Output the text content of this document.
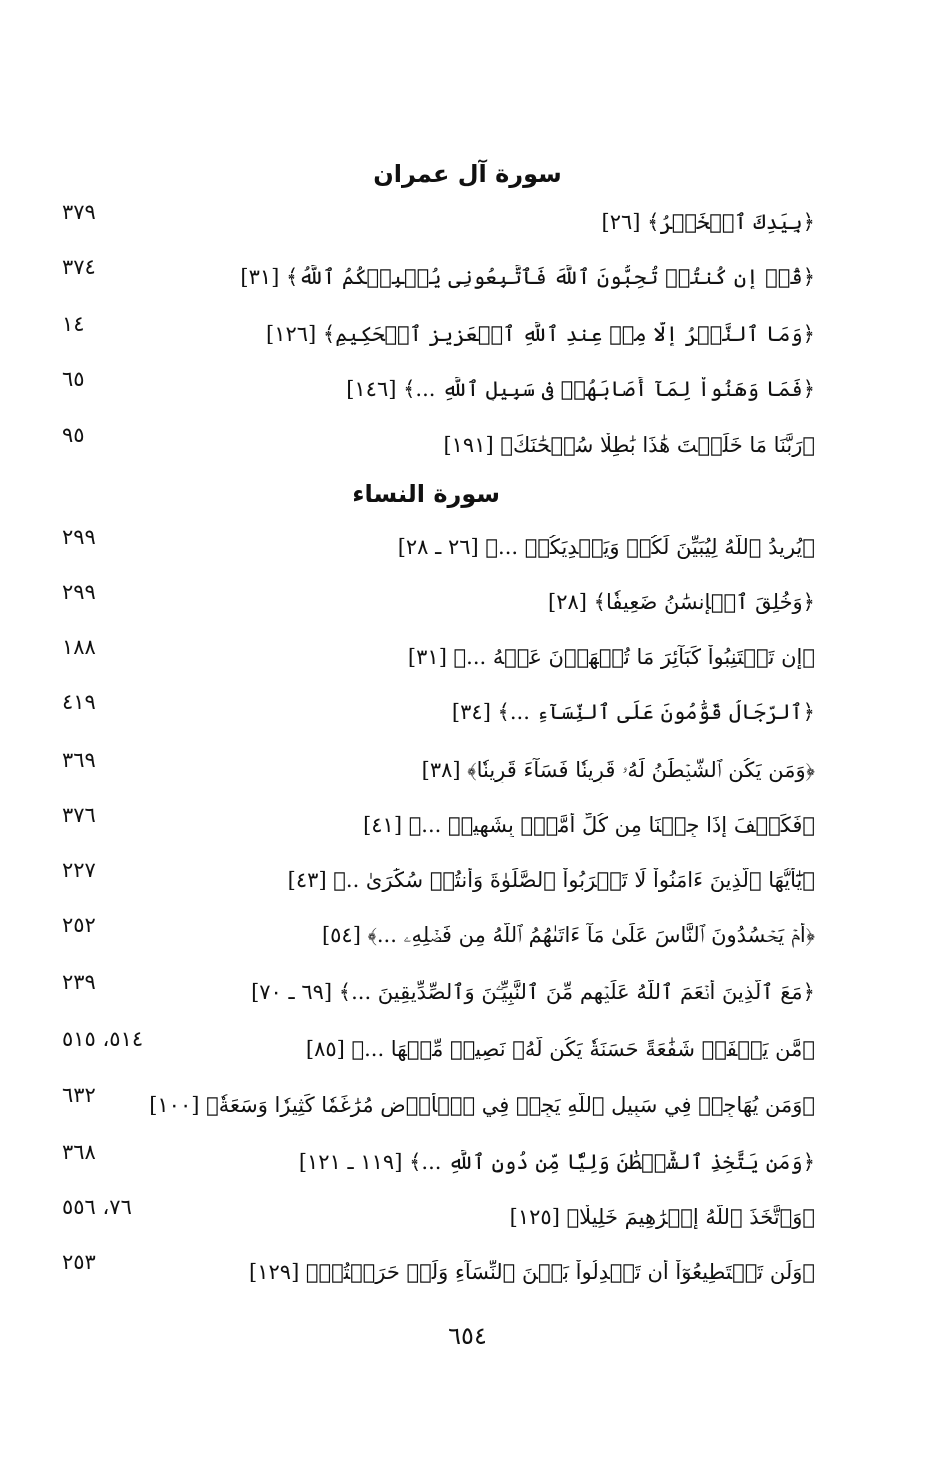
سورة آل عمران
﴿بِيَدِكَ ٱلۡخَيۡرُ﴾ [٢٦]
٣٧٩
﴿قُلۡ إِن كُنتُمۡ تُحِبُّونَ ٱللَّهَ فَٱتَّبِعُونِي يُحۡبِبۡكُمُ ٱللَّهُ﴾ [٣١]
٣٧٤
﴿وَمَا ٱلنَّصۡرُ إِلَّا مِنۡ عِندِ ٱللَّهِ ٱلۡعَزِيزِ ٱلۡحَكِيمِ﴾ [١٢٦]
١٤
﴿فَمَا وَهَنُواْ لِمَآ أَصَابَهُمۡ فِي سَبِيلِ ٱللَّهِ ...﴾ [١٤٦]
٦٥
﴿رَبَّنَا مَا خَلَقۡتَ هَٰذَا بَٰطِلٗا سُبۡحَٰنَكَ﴾ [١٩١]
٩٥
سورة النساء
﴿يُرِيدُ ٱللَّهُ لِيُبَيِّنَ لَكُمۡ وَيَهۡدِيَكُمۡ ...﴾ [٢٦ ـ ٢٨]
٢٩٩
﴿وَخُلِقَ ٱلۡإِنسَٰنُ ضَعِيفٗا﴾ [٢٨]
٢٩٩
﴿إِن تَجۡتَنِبُواْ كَبَآئِرَ مَا تُنۡهَوۡنَ عَنۡهُ ...﴾ [٣١]
١٨٨
﴿ٱلرِّجَالُ قَوَّٰمُونَ عَلَى ٱلنِّسَآءِ ...﴾ [٣٤]
٤١٩
﴿وَمَن يَكُنِ ٱلشَّيۡطَٰنُ لَهُۥ قَرِينٗا فَسَآءَ قَرِينٗا﴾ [٣٨]
٣٦٩
﴿فَكَيۡفَ إِذَا جِئۡنَا مِن كُلِّ أُمَّةِۭ بِشَهِيدٖ ...﴾ [٤١]
٣٧٦
﴿يَٰٓأَيُّهَا ٱلَّذِينَ ءَامَنُواْ لَا تَقۡرَبُواْ ٱلصَّلَوٰةَ وَأَنتُمۡ سُكَٰرَىٰ ..﴾ [٤٣]
٢٢٧
﴿أَمۡ يَحۡسُدُونَ ٱلنَّاسَ عَلَىٰ مَآ ءَاتَىٰهُمُ ٱللَّهُ مِن فَضۡلِهِۦ ...﴾ [٥٤]
٢٥٢
﴿مَعَ ٱلَّذِينَ أَنۡعَمَ ٱللَّهُ عَلَيۡهِم مِّنَ ٱلنَّبِيِّـۧنَ وَٱلصِّدِّيقِينَ ...﴾ [٦٩ ـ ٧٠]
٢٣٩
﴿مَّن يَشۡفَعۡ شَفَٰعَةً حَسَنَةٗ يَكُن لَّهُۥ نَصِيبٞ مِّنۡهَا ...﴾ [٨٥]
٥١٤، ٥١٥
﴿وَمَن يُهَاجِرۡ فِي سَبِيلِ ٱللَّهِ يَجِدۡ فِي ٱلۡأَرۡضِ مُرَٰغَمٗا كَثِيرٗا وَسَعَةٗ﴾ [١٠٠]
٦٣٢
﴿وَمَن يَتَّخِذِ ٱلشَّيۡطَٰنَ وَلِيّٗا مِّن دُونِ ٱللَّهِ ...﴾ [١١٩ ـ ١٢١]
٣٦٨
﴿وَٱتَّخَذَ ٱللَّهُ إِبۡرَٰهِيمَ خَلِيلٗا﴾ [١٢٥]
٧٦، ٥٥٦
﴿وَلَن تَسۡتَطِيعُوٓاْ أَن تَعۡدِلُواْ بَيۡنَ ٱلنِّسَآءِ وَلَوۡ حَرَصۡتُمۡ﴾ [١٢٩]
٢٥٣
٦٥٤
